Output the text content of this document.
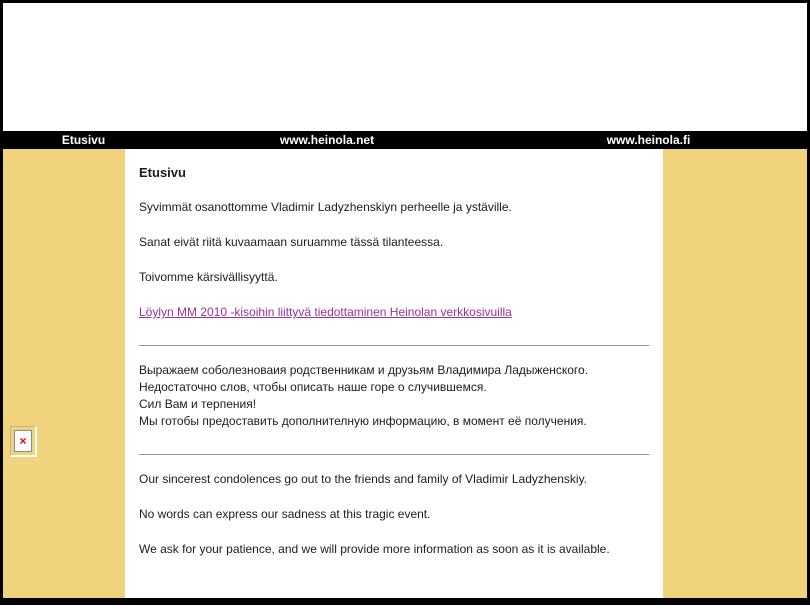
Etusivu	www.heinola.net	www.heinola.fi
×
Etusivu

Syvimmät osanottomme Vladimir Ladyzhenskiyn perheelle ja ystäville.

Sanat eivät riitä kuvaamaan suruamme tässä tilanteessa.

Toivomme kärsivällisyyttä.

Löylyn MM 2010 -kisoihin liittyvä tiedottaminen Heinolan verkkosivuilla

Выражаем соболезноваия родственникам и друзьям Владимира Ладыженского.
Недостаточно слов, чтобы описать наше горе о случившемся.
Сил Вам и терпения!
Мы готобы предоставить дополнителную информацию, в момент её получения.

Our sincerest condolences go out to the friends and family of Vladimir Ladyzhenskiy.

No words can express our sadness at this tragic event.

We ask for your patience, and we will provide more information as soon as it is available.
